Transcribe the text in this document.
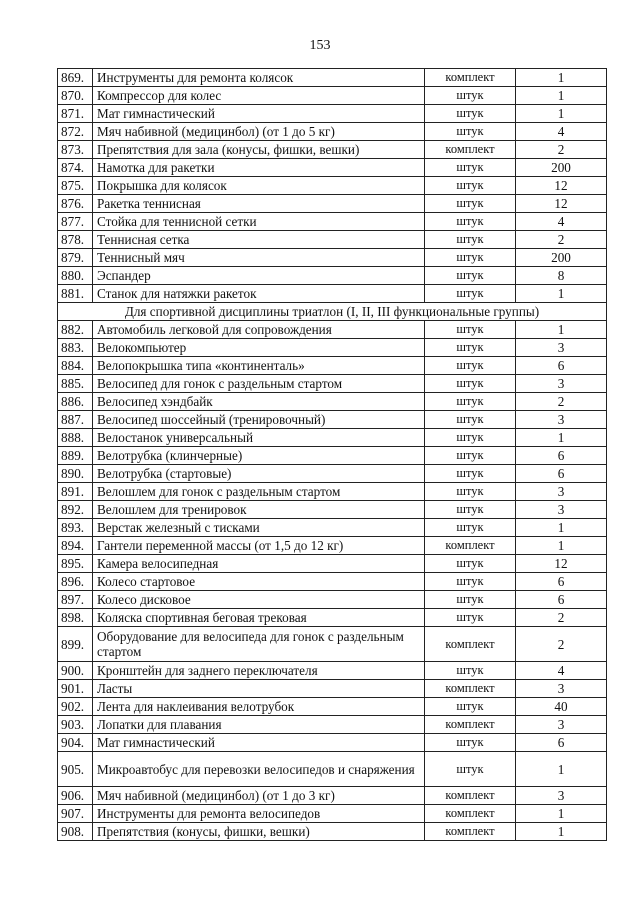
153
869.	Инструменты для ремонта колясок	комплект	1
870.	Компрессор для колес	штук	1
871.	Мат гимнастический	штук	1
872.	Мяч набивной (медицинбол) (от 1 до 5 кг)	штук	4
873.	Препятствия для зала (конусы, фишки, вешки)	комплект	2
874.	Намотка для ракетки	штук	200
875.	Покрышка для колясок	штук	12
876.	Ракетка теннисная	штук	12
877.	Стойка для теннисной сетки	штук	4
878.	Теннисная сетка	штук	2
879.	Теннисный мяч	штук	200
880.	Эспандер	штук	8
881.	Станок для натяжки ракеток	штук	1
Для спортивной дисциплины триатлон (I, II, III функциональные группы)			
882.	Автомобиль легковой для сопровождения	штук	1
883.	Велокомпьютер	штук	3
884.	Велопокрышка типа «континенталь»	штук	6
885.	Велосипед для гонок с раздельным стартом	штук	3
886.	Велосипед хэндбайк	штук	2
887.	Велосипед шоссейный (тренировочный)	штук	3
888.	Велостанок универсальный	штук	1
889.	Велотрубка (клинчерные)	штук	6
890.	Велотрубка (стартовые)	штук	6
891.	Велошлем для гонок с раздельным стартом	штук	3
892.	Велошлем для тренировок	штук	3
893.	Верстак железный с тисками	штук	1
894.	Гантели переменной массы (от 1,5 до 12 кг)	комплект	1
895.	Камера велосипедная	штук	12
896.	Колесо стартовое	штук	6
897.	Колесо дисковое	штук	6
898.	Коляска спортивная беговая трековая	штук	2
899.	Оборудование для велосипеда для гонок с раздельным стартом	комплект	2
900.	Кронштейн для заднего переключателя	штук	4
901.	Ласты	комплект	3
902.	Лента для наклеивания велотрубок	штук	40
903.	Лопатки для плавания	комплект	3
904.	Мат гимнастический	штук	6
905.	Микроавтобус для перевозки велосипедов и снаряжения	штук	1
906.	Мяч набивной (медицинбол) (от 1 до 3 кг)	комплект	3
907.	Инструменты для ремонта велосипедов	комплект	1
908.	Препятствия (конусы, фишки, вешки)	комплект	1
